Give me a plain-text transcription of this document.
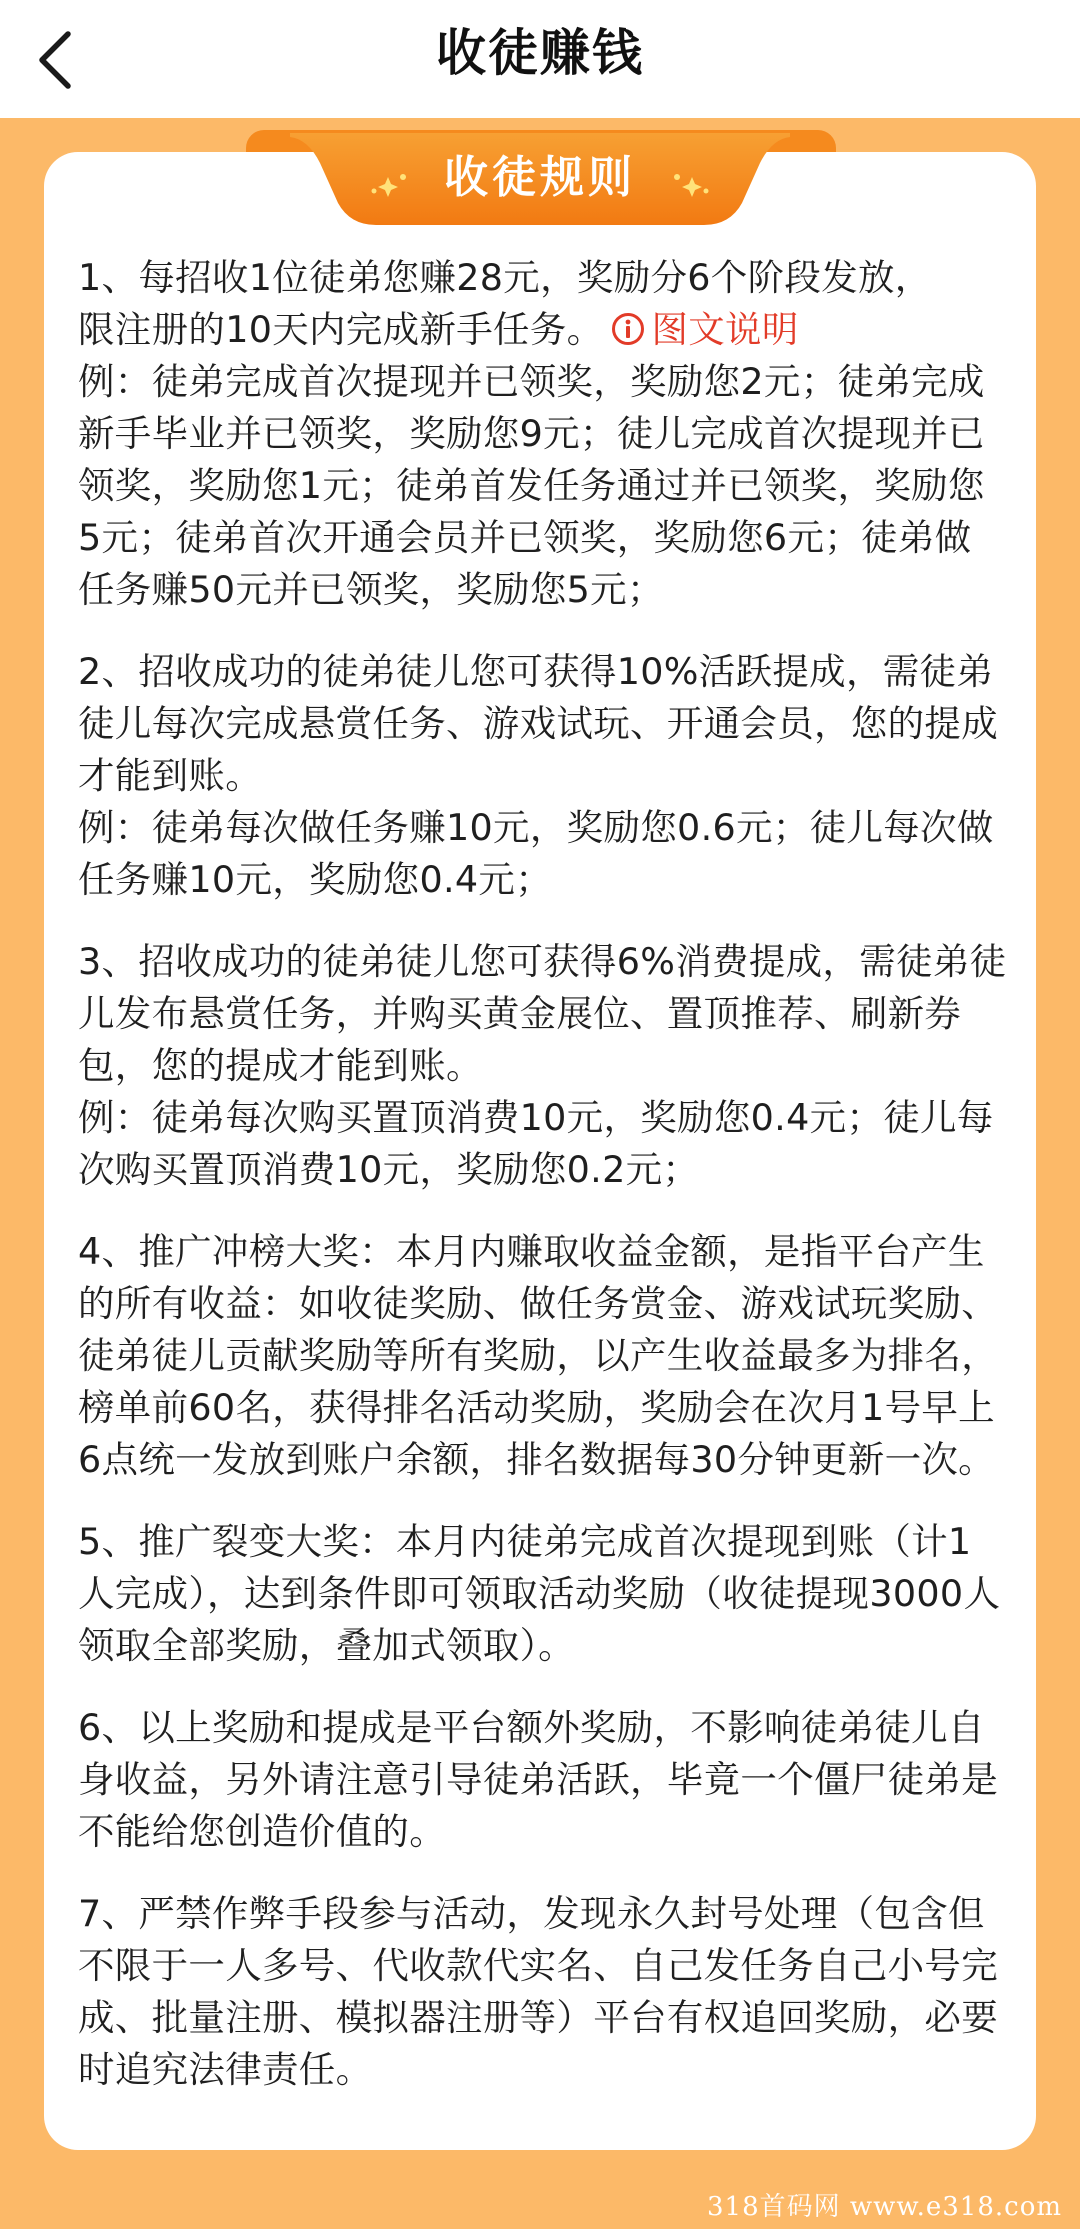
收徒赚钱
收徒规则

1、每招收1位徒弟您赚28元，奖励分6个阶段发放，
限注册的10天内完成新手任务。 图文说明

例：徒弟完成首次提现并已领奖，奖励您2元；徒弟完成新手毕业并已领奖，奖励您9元；徒儿完成首次提现并已领奖，奖励您1元；徒弟首发任务通过并已领奖，奖励您5元；徒弟首次开通会员并已领奖，奖励您6元；徒弟做任务赚50元并已领奖，奖励您5元；

2、招收成功的徒弟徒儿您可获得10%活跃提成，需徒弟徒儿每次完成悬赏任务、游戏试玩、开通会员，您的提成才能到账。

例：徒弟每次做任务赚10元，奖励您0.6元；徒儿每次做任务赚10元，奖励您0.4元；

3、招收成功的徒弟徒儿您可获得6%消费提成，需徒弟徒儿发布悬赏任务，并购买黄金展位、置顶推荐、刷新券包，您的提成才能到账。

例：徒弟每次购买置顶消费10元，奖励您0.4元；徒儿每次购买置顶消费10元，奖励您0.2元；

4、推广冲榜大奖：本月内赚取收益金额，是指平台产生的所有收益：如收徒奖励、做任务赏金、游戏试玩奖励、徒弟徒儿贡献奖励等所有奖励，以产生收益最多为排名，榜单前60名，获得排名活动奖励，奖励会在次月1号早上6点统一发放到账户余额，排名数据每30分钟更新一次。

5、推广裂变大奖：本月内徒弟完成首次提现到账（计1人完成），达到条件即可领取活动奖励（收徒提现3000人领取全部奖励，叠加式领取）。

6、以上奖励和提成是平台额外奖励，不影响徒弟徒儿自身收益，另外请注意引导徒弟活跃，毕竟一个僵尸徒弟是不能给您创造价值的。

7、严禁作弊手段参与活动，发现永久封号处理（包含但不限于一人多号、代收款代实名、自己发任务自己小号完成、批量注册、模拟器注册等）平台有权追回奖励，必要时追究法律责任。

318首码网 www.e318.com
